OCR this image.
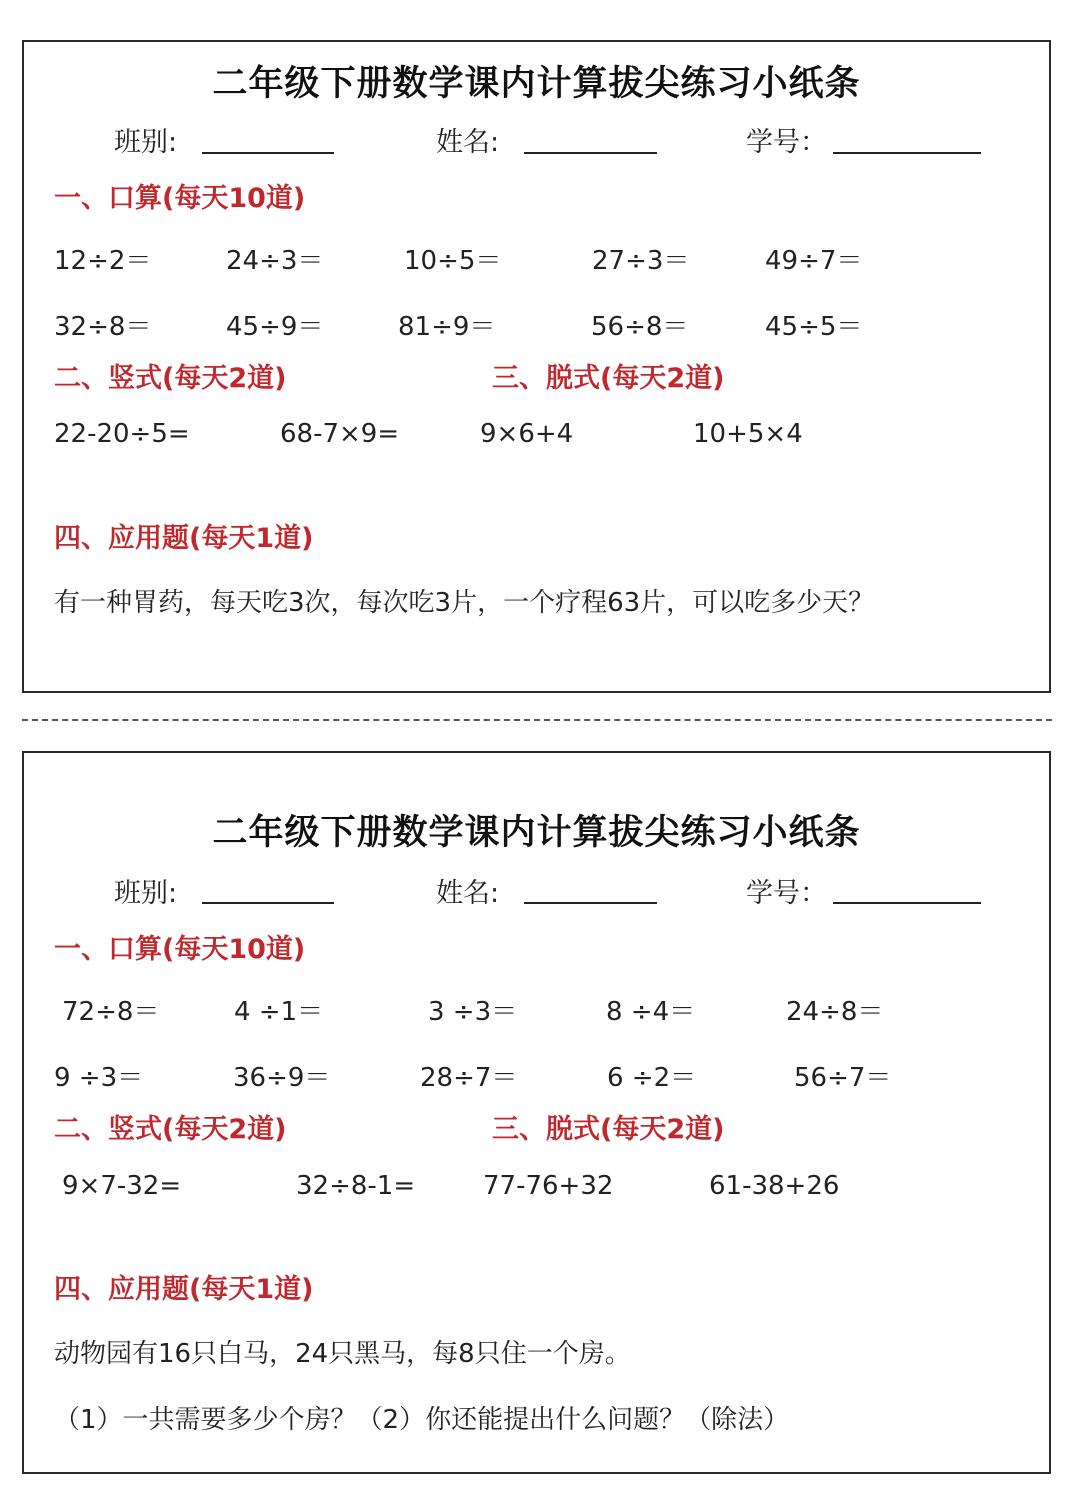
二年级下册数学课内计算拔尖练习小纸条
班别:	姓名:	学号：
一、口算(每天10道)
12÷2＝	24÷3＝	10÷5＝	27÷3＝	49÷7＝
32÷8＝	45÷9＝	81÷9＝	56÷8＝	45÷5＝
二、竖式(每天2道)	三、脱式(每天2道)
22-20÷5=	68-7×9=	9×6+4	10+5×4
四、应用题(每天1道)
有一种胃药，每天吃3次，每次吃3片，一个疗程63片，可以吃多少天？
二年级下册数学课内计算拔尖练习小纸条
班别:	姓名:	学号：
一、口算(每天10道)
72÷8＝	4 ÷1＝	3 ÷3＝	8 ÷4＝	24÷8＝
9 ÷3＝	36÷9＝	28÷7＝	6 ÷2＝	56÷7＝
二、竖式(每天2道)	三、脱式(每天2道)
9×7-32=	32÷8-1=	77-76+32	61-38+26
四、应用题(每天1道)
动物园有16只白马，24只黑马，每8只住一个房。
（1）一共需要多少个房？（2）你还能提出什么问题？（除法）
